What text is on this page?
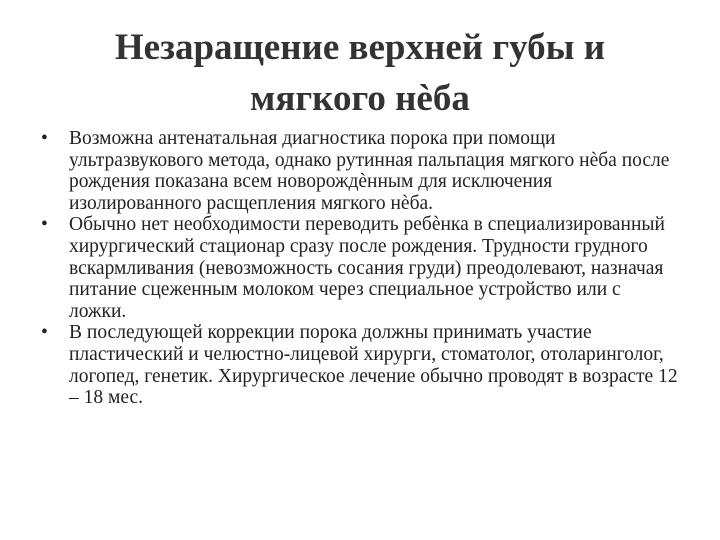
Незаращение верхней губы и
мягкого нѐба
• Возможна антенатальная диагностика порока при помощи ультразвукового метода, однако рутинная пальпация мягкого нѐба после рождения показана всем новорождѐнным для исключения изолированного расщепления мягкого нѐба.
• Обычно нет необходимости переводить ребѐнка в специализированный хирургический стационар сразу после рождения. Трудности грудного вскармливания (невозможность сосания груди) преодолевают, назначая питание сцеженным молоком через специальное устройство или с ложки.
• В последующей коррекции порока должны принимать участие пластический и челюстно-лицевой хирурги, стоматолог, отоларинголог, логопед, генетик. Хирургическое лечение обычно проводят в возрасте 12 – 18 мес.
